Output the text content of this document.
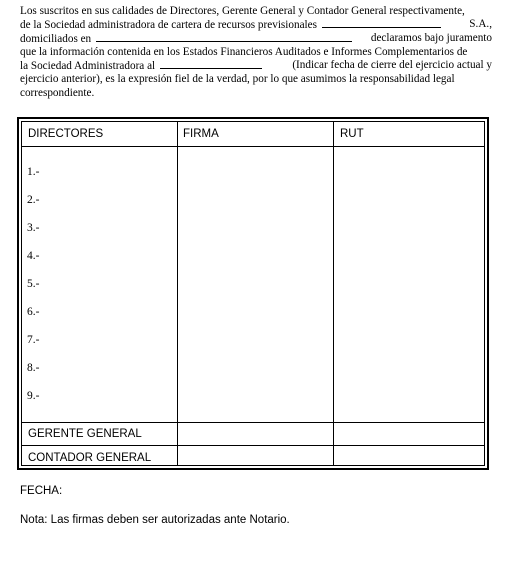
Los suscritos en sus calidades de Directores, Gerente General y Contador General respectivamente,
de la Sociedad administradora de cartera de recursos previsionales	S.A.,
domiciliados en	declaramos bajo juramento
que la información contenida en los Estados Financieros Auditados e Informes Complementarios de
la Sociedad Administradora al	(Indicar fecha de cierre del ejercicio actual y
ejercicio anterior), es la expresión fiel de la verdad, por lo que asumimos la responsabilidad legal
correspondiente.
DIRECTORES	FIRMA	RUT
1.-
2.-
3.-
4.-
5.-
6.-
7.-
8.-
9.-
GERENTE GENERAL
CONTADOR GENERAL
FECHA:
Nota: Las firmas deben ser autorizadas ante Notario.
